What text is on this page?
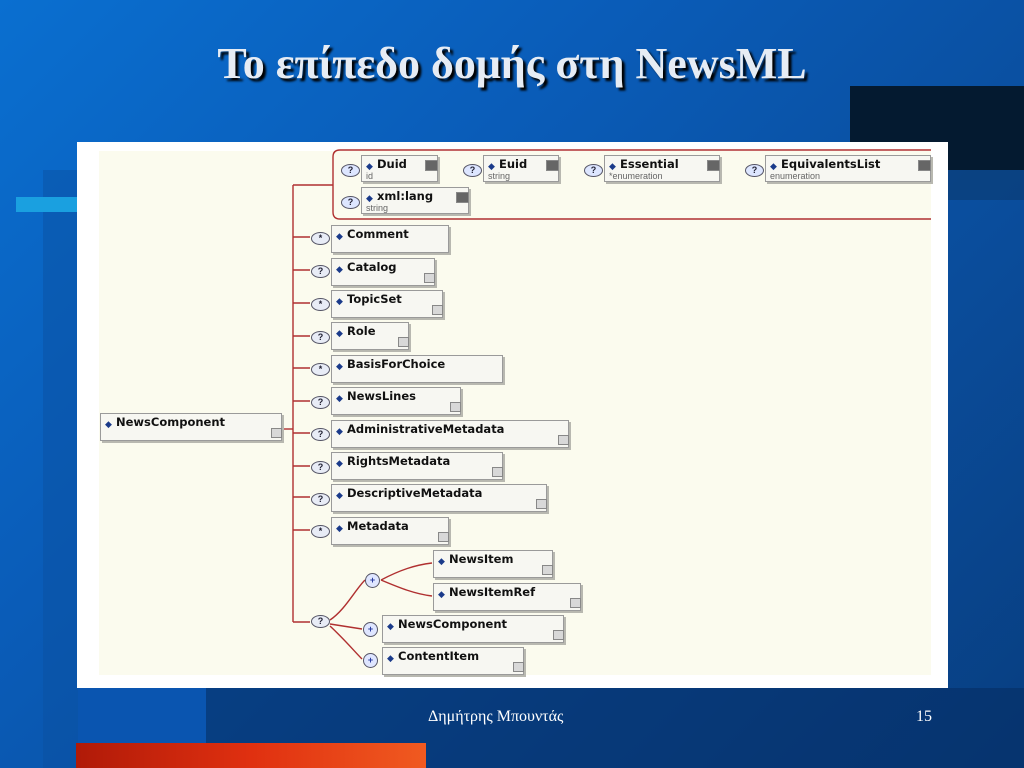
Το επίπεδο δομής στη NewsML
◆ NewsComponent
?	◆ Duid
id
?	◆ Euid
string
?	◆ Essential
*enumeration
?	◆ EquivalentsList
enumeration
?	◆ xml:lang
string
*	◆ Comment
?	◆ Catalog
*	◆ TopicSet
?	◆ Role
*	◆ BasisForChoice
?	◆ NewsLines
?	◆ AdministrativeMetadata
?	◆ RightsMetadata
?	◆ DescriptiveMetadata
*	◆ Metadata
?
+
◆ NewsItem
◆ NewsItemRef
+	◆ NewsComponent
+	◆ ContentItem
Δημήτρης Μπουντάς	15
